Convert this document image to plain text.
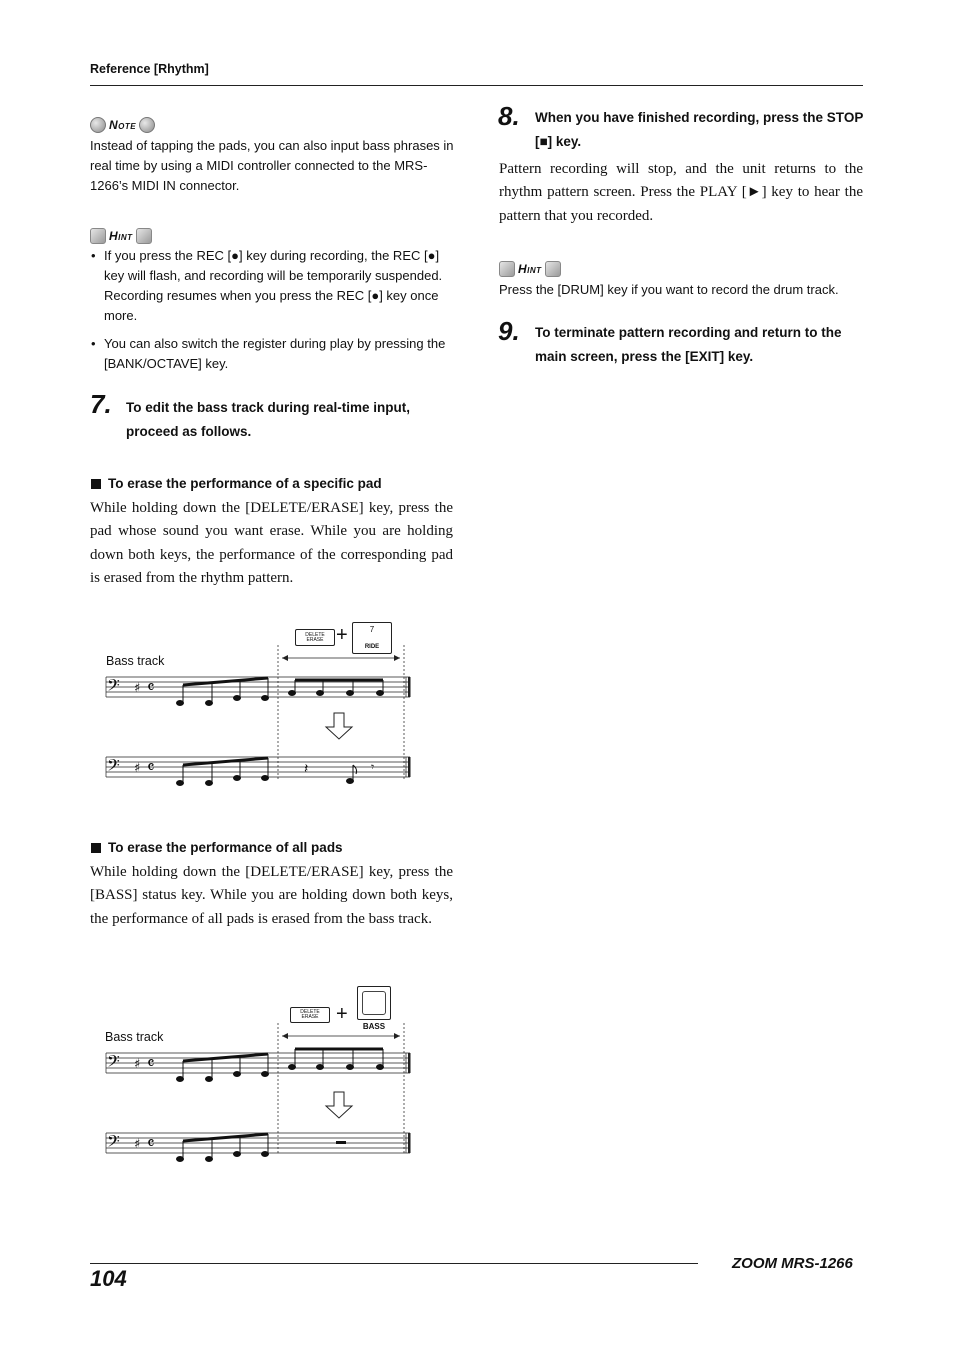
Reference [Rhythm]
Note
Instead of tapping the pads, you can also input bass phrases in real time by using a MIDI controller connected to the MRS-1266’s MIDI IN connector.
Hint
• If you press the REC [●] key during recording, the REC [●] key will flash, and recording will be temporarily suspended. Recording resumes when you press the REC [●] key once more.
• You can also switch the register during play by pressing the [BANK/OCTAVE] key.
7. To edit the bass track during real-time input, proceed as follows.
To erase the performance of a specific pad
While holding down the [DELETE/ERASE] key, press the pad whose sound you want erase. While you are holding down both keys, the performance of the corresponding pad is erased from the rhythm pattern.
Bass track
DELETE
ERASE +	7
RIDE
𝄢 ♯ 𝄴
𝄢 ♯ 𝄴	𝄽	𝄾
To erase the performance of all pads
While holding down the [DELETE/ERASE] key, press the [BASS] status key. While you are holding down both keys, the performance of all pads is erased from the bass track.
Bass track
DELETE
ERASE +
BASS
𝄢 ♯ 𝄴
𝄢 ♯ 𝄴
8. When you have finished recording, press the STOP [■] key.
Pattern recording will stop, and the unit returns to the rhythm pattern screen. Press the PLAY [►] key to hear the pattern that you recorded.
Hint
Press the [DRUM] key if you want to record the drum track.
9. To terminate pattern recording and return to the main screen, press the [EXIT] key.
104
ZOOM MRS-1266
